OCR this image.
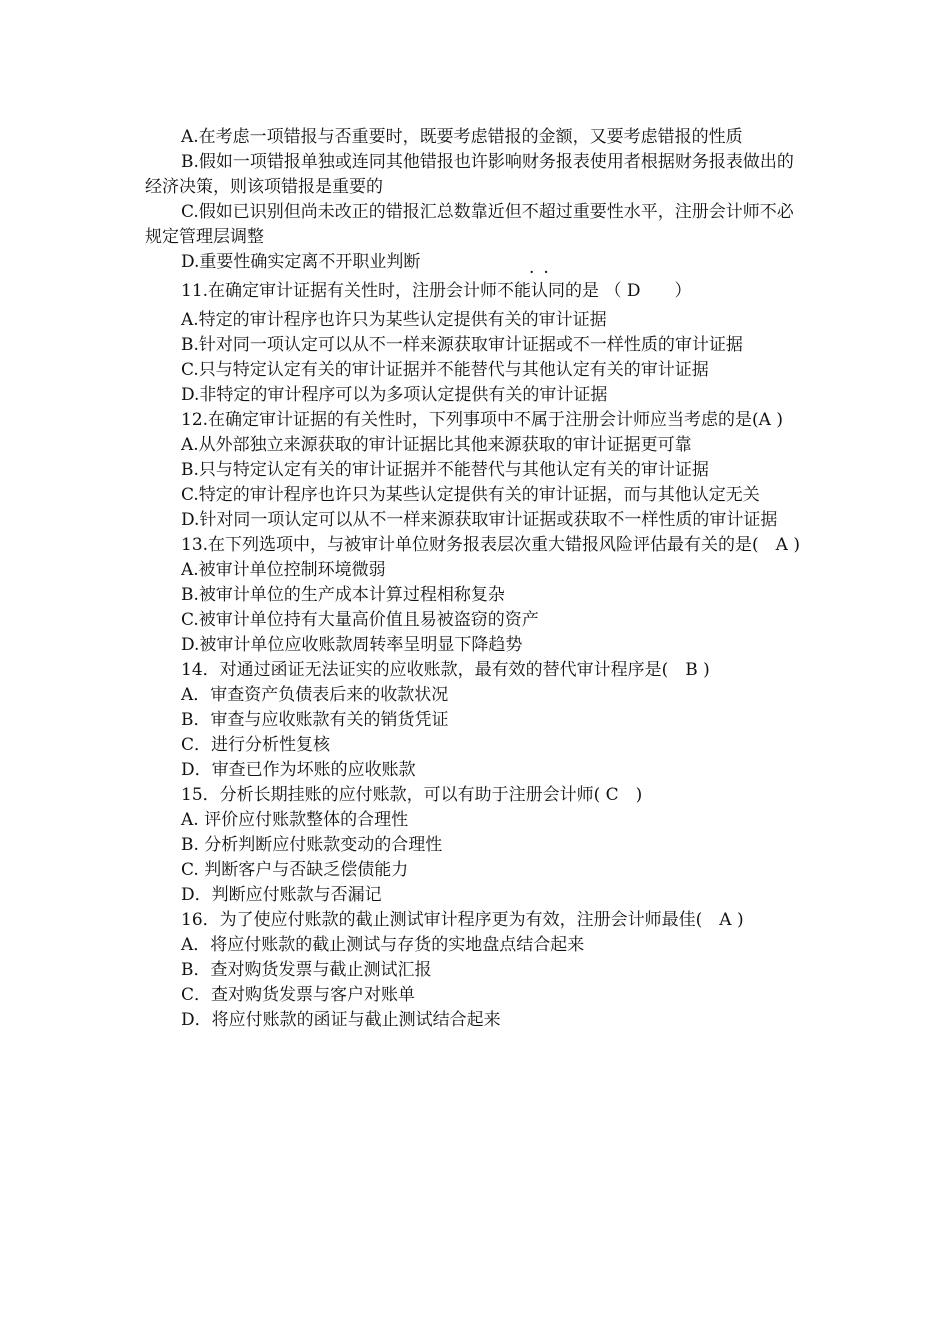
A.在考虑一项错报与否重要时，既要考虑错报的金额，又要考虑错报的性质

B.假如一项错报单独或连同其他错报也许影响财务报表使用者根据财务报表做出的经济决策，则该项错报是重要的

C.假如已识别但尚未改正的错报汇总数靠近但不超过重要性水平，注册会计师不必规定管理层调整

D.重要性确实定离不开职业判断

··
11.在确定审计证据有关性时，注册会计师不能认同的是 （ D　　）

A.特定的审计程序也许只为某些认定提供有关的审计证据

B.针对同一项认定可以从不一样来源获取审计证据或不一样性质的审计证据

C.只与特定认定有关的审计证据并不能替代与其他认定有关的审计证据

D.非特定的审计程序可以为多项认定提供有关的审计证据

12.在确定审计证据的有关性时，下列事项中不属于注册会计师应当考虑的是(A )

A.从外部独立来源获取的审计证据比其他来源获取的审计证据更可靠

B.只与特定认定有关的审计证据并不能替代与其他认定有关的审计证据

C.特定的审计程序也许只为某些认定提供有关的审计证据，而与其他认定无关

D.针对同一项认定可以从不一样来源获取审计证据或获取不一样性质的审计证据

13.在下列选项中，与被审计单位财务报表层次重大错报风险评估最有关的是(　A )

A.被审计单位控制环境微弱

B.被审计单位的生产成本计算过程相称复杂

C.被审计单位持有大量高价值且易被盗窃的资产

D.被审计单位应收账款周转率呈明显下降趋势

14．对通过函证无法证实的应收账款，最有效的替代审计程序是(　B )

A．审查资产负债表后来的收款状况

B．审查与应收账款有关的销货凭证

C．进行分析性复核

D．审查已作为坏账的应收账款

15．分析长期挂账的应付账款，可以有助于注册会计师( C　)

A. 评价应付账款整体的合理性

B. 分析判断应付账款变动的合理性

C. 判断客户与否缺乏偿债能力

D．判断应付账款与否漏记

16．为了使应付账款的截止测试审计程序更为有效，注册会计师最佳(　A )

A．将应付账款的截止测试与存货的实地盘点结合起来

B．查对购货发票与截止测试汇报

C．查对购货发票与客户对账单

D．将应付账款的函证与截止测试结合起来
